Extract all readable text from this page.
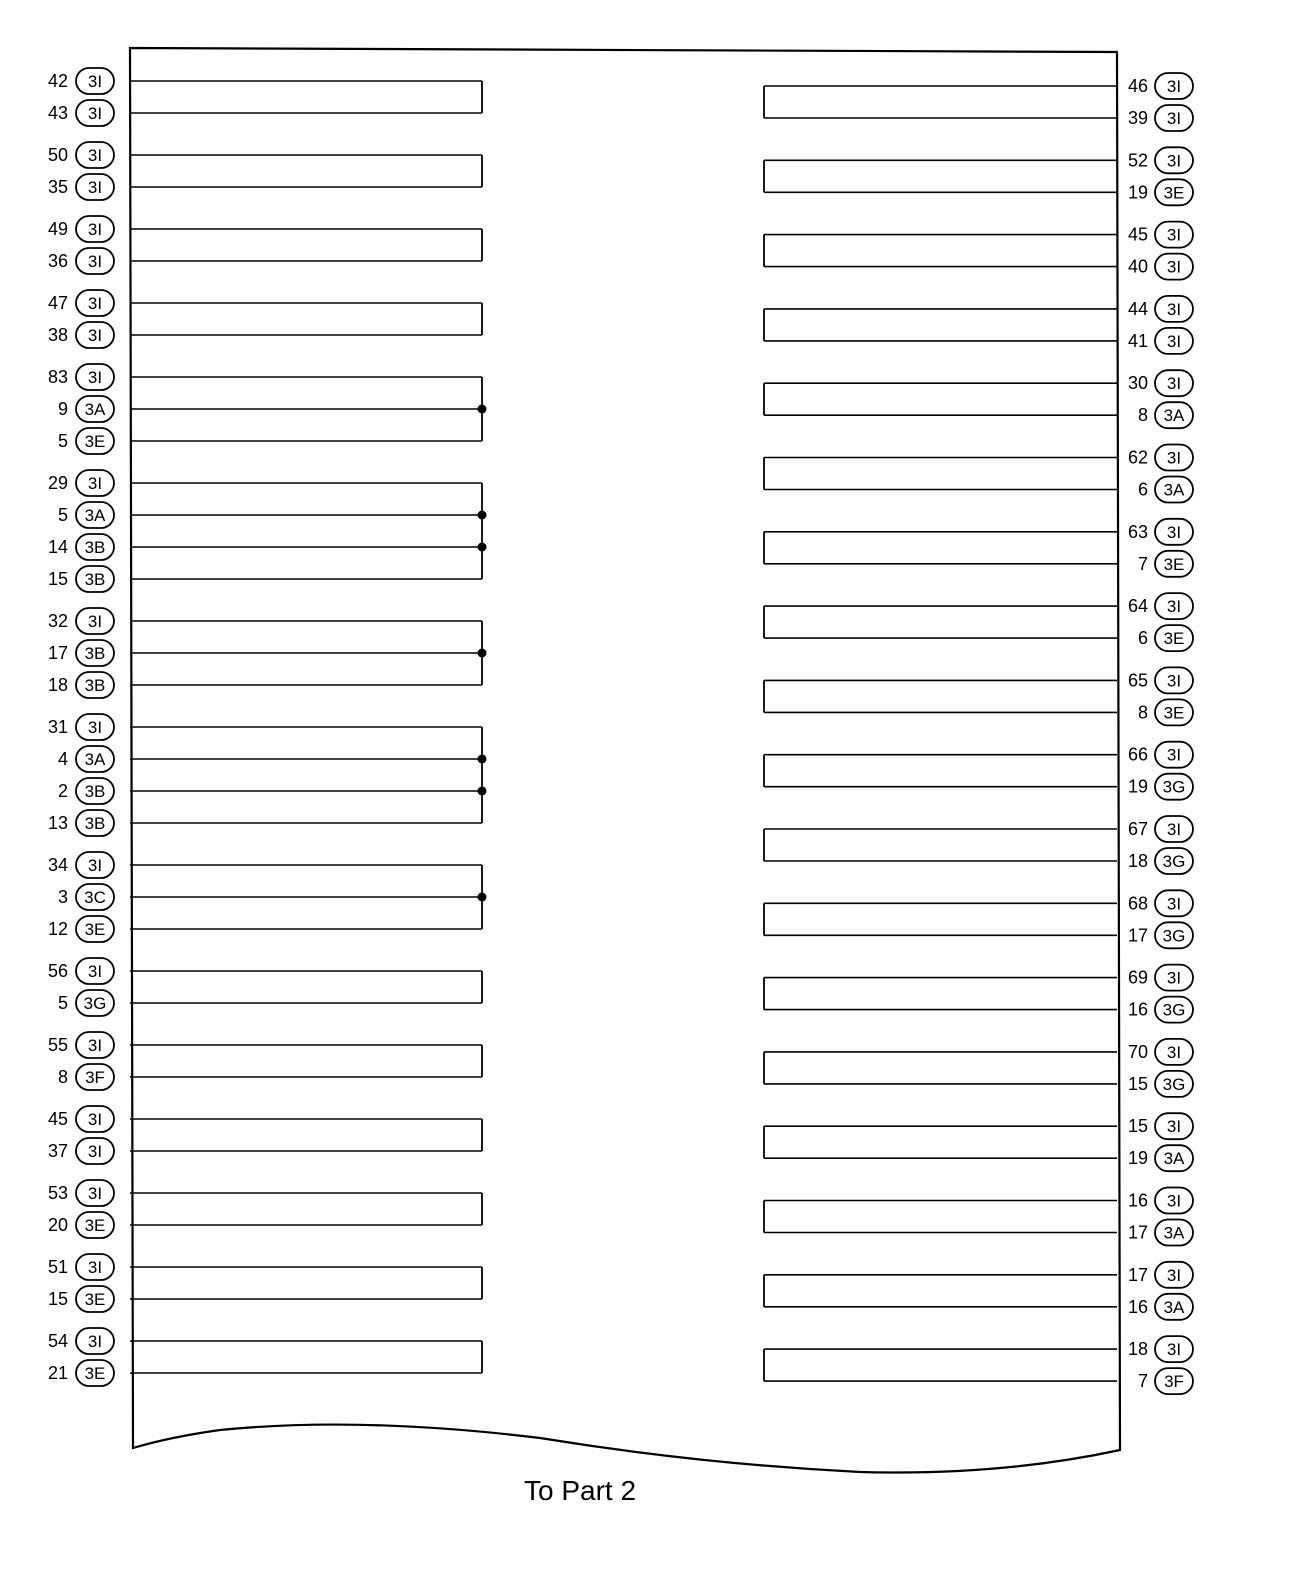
42 3I
43 3I
50 3I
35 3I
49 3I
36 3I
47 3I
38 3I
83 3I
9 3A
5 3E
29 3I
5 3A
14 3B
15 3B
32 3I
17 3B
18 3B
31 3I
4 3A
2 3B
13 3B
34 3I
3 3C
12 3E
56 3I
5 3G
55 3I
8 3F
45 3I
37 3I
53 3I
20 3E
51 3I
15 3E
54 3I
21 3E
46 3I
39 3I
52 3I
19 3E
45 3I
40 3I
44 3I
41 3I
30 3I
8 3A
62 3I
6 3A
63 3I
7 3E
64 3I
6 3E
65 3I
8 3E
66 3I
19 3G
67 3I
18 3G
68 3I
17 3G
69 3I
16 3G
70 3I
15 3G
15 3I
19 3A
16 3I
17 3A
17 3I
16 3A
18 3I
7 3F
To Part 2
